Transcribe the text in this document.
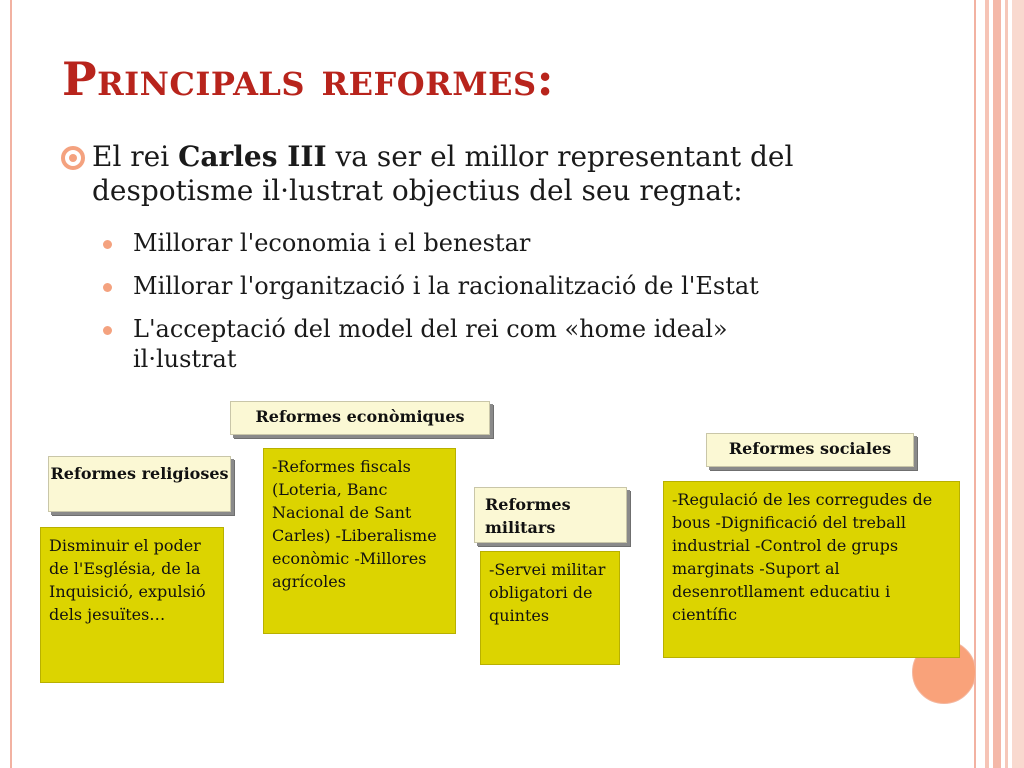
Principals reformes:
El rei Carles III va ser el millor representant del despotisme il·lustrat objectius del seu regnat:
Millorar l'economia i el benestar
Millorar l'organització i la racionalització de l'Estat
L'acceptació del model del rei com «home ideal» il·lustrat
Reformes religioses
Disminuir el poder de l'Església, de la Inquisició, expulsió dels jesuïtes…
Reformes econòmiques
-Reformes fiscals (Loteria, Banc Nacional de Sant Carles) -Liberalisme econòmic -Millores agrícoles
Reformes militars
-Servei militar obligatori de quintes
Reformes sociales
-Regulació de les corregudes de bous -Dignificació del treball industrial -Control de grups marginats -Suport al desenrotllament educatiu i científic
